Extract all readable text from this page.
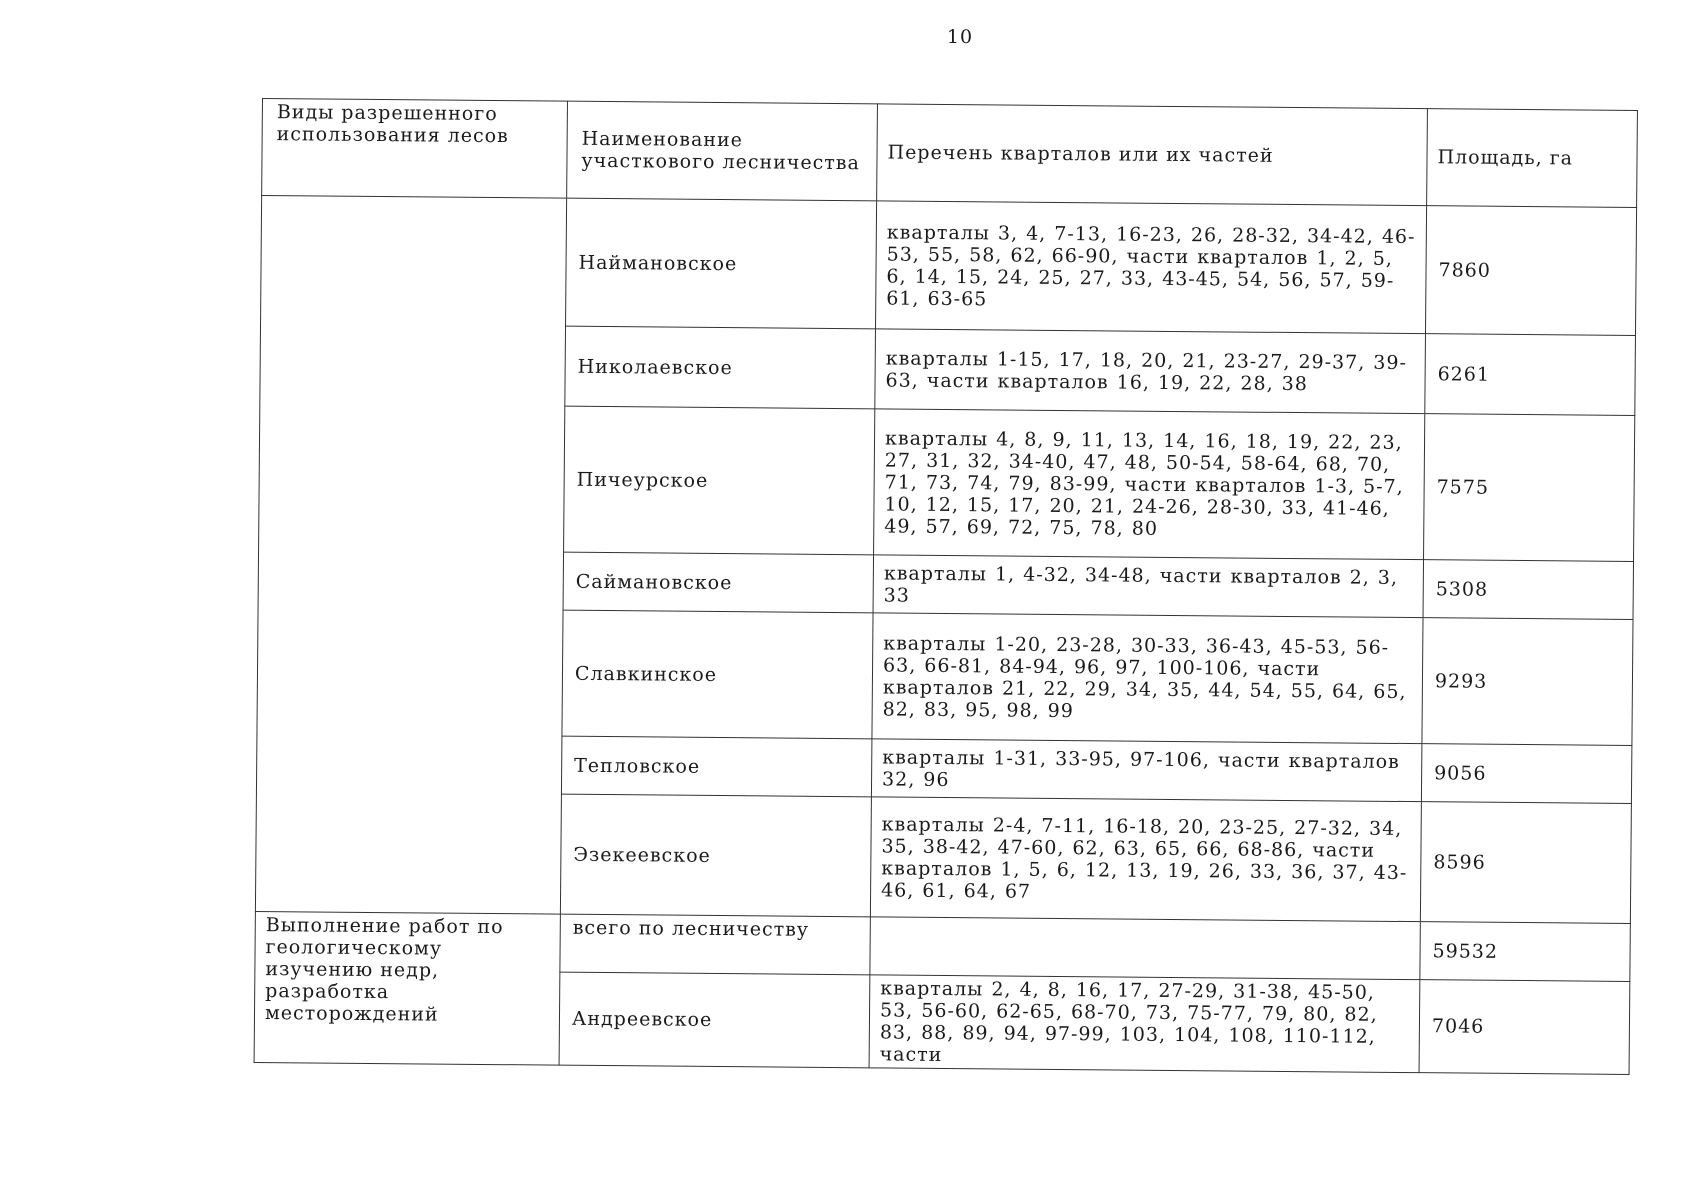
10
Виды разрешенного использования лесов	Наименование участкового лесничества	Перечень кварталов или их частей	Площадь, га
	Наймановское	кварталы 3, 4, 7-13, 16-23, 26, 28-32, 34-42, 46-53, 55, 58, 62, 66-90, части кварталов 1, 2, 5, 6, 14, 15, 24, 25, 27, 33, 43-45, 54, 56, 57, 59-61, 63-65	7860
	Николаевское	кварталы 1-15, 17, 18, 20, 21, 23-27, 29-37, 39-63, части кварталов 16, 19, 22, 28, 38	6261
	Пичеурское	кварталы 4, 8, 9, 11, 13, 14, 16, 18, 19, 22, 23, 27, 31, 32, 34-40, 47, 48, 50-54, 58-64, 68, 70, 71, 73, 74, 79, 83-99, части кварталов 1-3, 5-7, 10, 12, 15, 17, 20, 21, 24-26, 28-30, 33, 41-46, 49, 57, 69, 72, 75, 78, 80	7575
	Саймановское	кварталы 1, 4-32, 34-48, части кварталов 2, 3, 33	5308
	Славкинское	кварталы 1-20, 23-28, 30-33, 36-43, 45-53, 56-63, 66-81, 84-94, 96, 97, 100-106, части кварталов 21, 22, 29, 34, 35, 44, 54, 55, 64, 65, 82, 83, 95, 98, 99	9293
	Тепловское	кварталы 1-31, 33-95, 97-106, части кварталов 32, 96	9056
	Эзекеевское	кварталы 2-4, 7-11, 16-18, 20, 23-25, 27-32, 34, 35, 38-42, 47-60, 62, 63, 65, 66, 68-86, части кварталов 1, 5, 6, 12, 13, 19, 26, 33, 36, 37, 43-46, 61, 64, 67	8596
Выполнение работ по геологическому изучению недр, разработка месторождений	всего по лесничеству		59532
	Андреевское	кварталы 2, 4, 8, 16, 17, 27-29, 31-38, 45-50, 53, 56-60, 62-65, 68-70, 73, 75-77, 79, 80, 82, 83, 88, 89, 94, 97-99, 103, 104, 108, 110-112, части	7046
